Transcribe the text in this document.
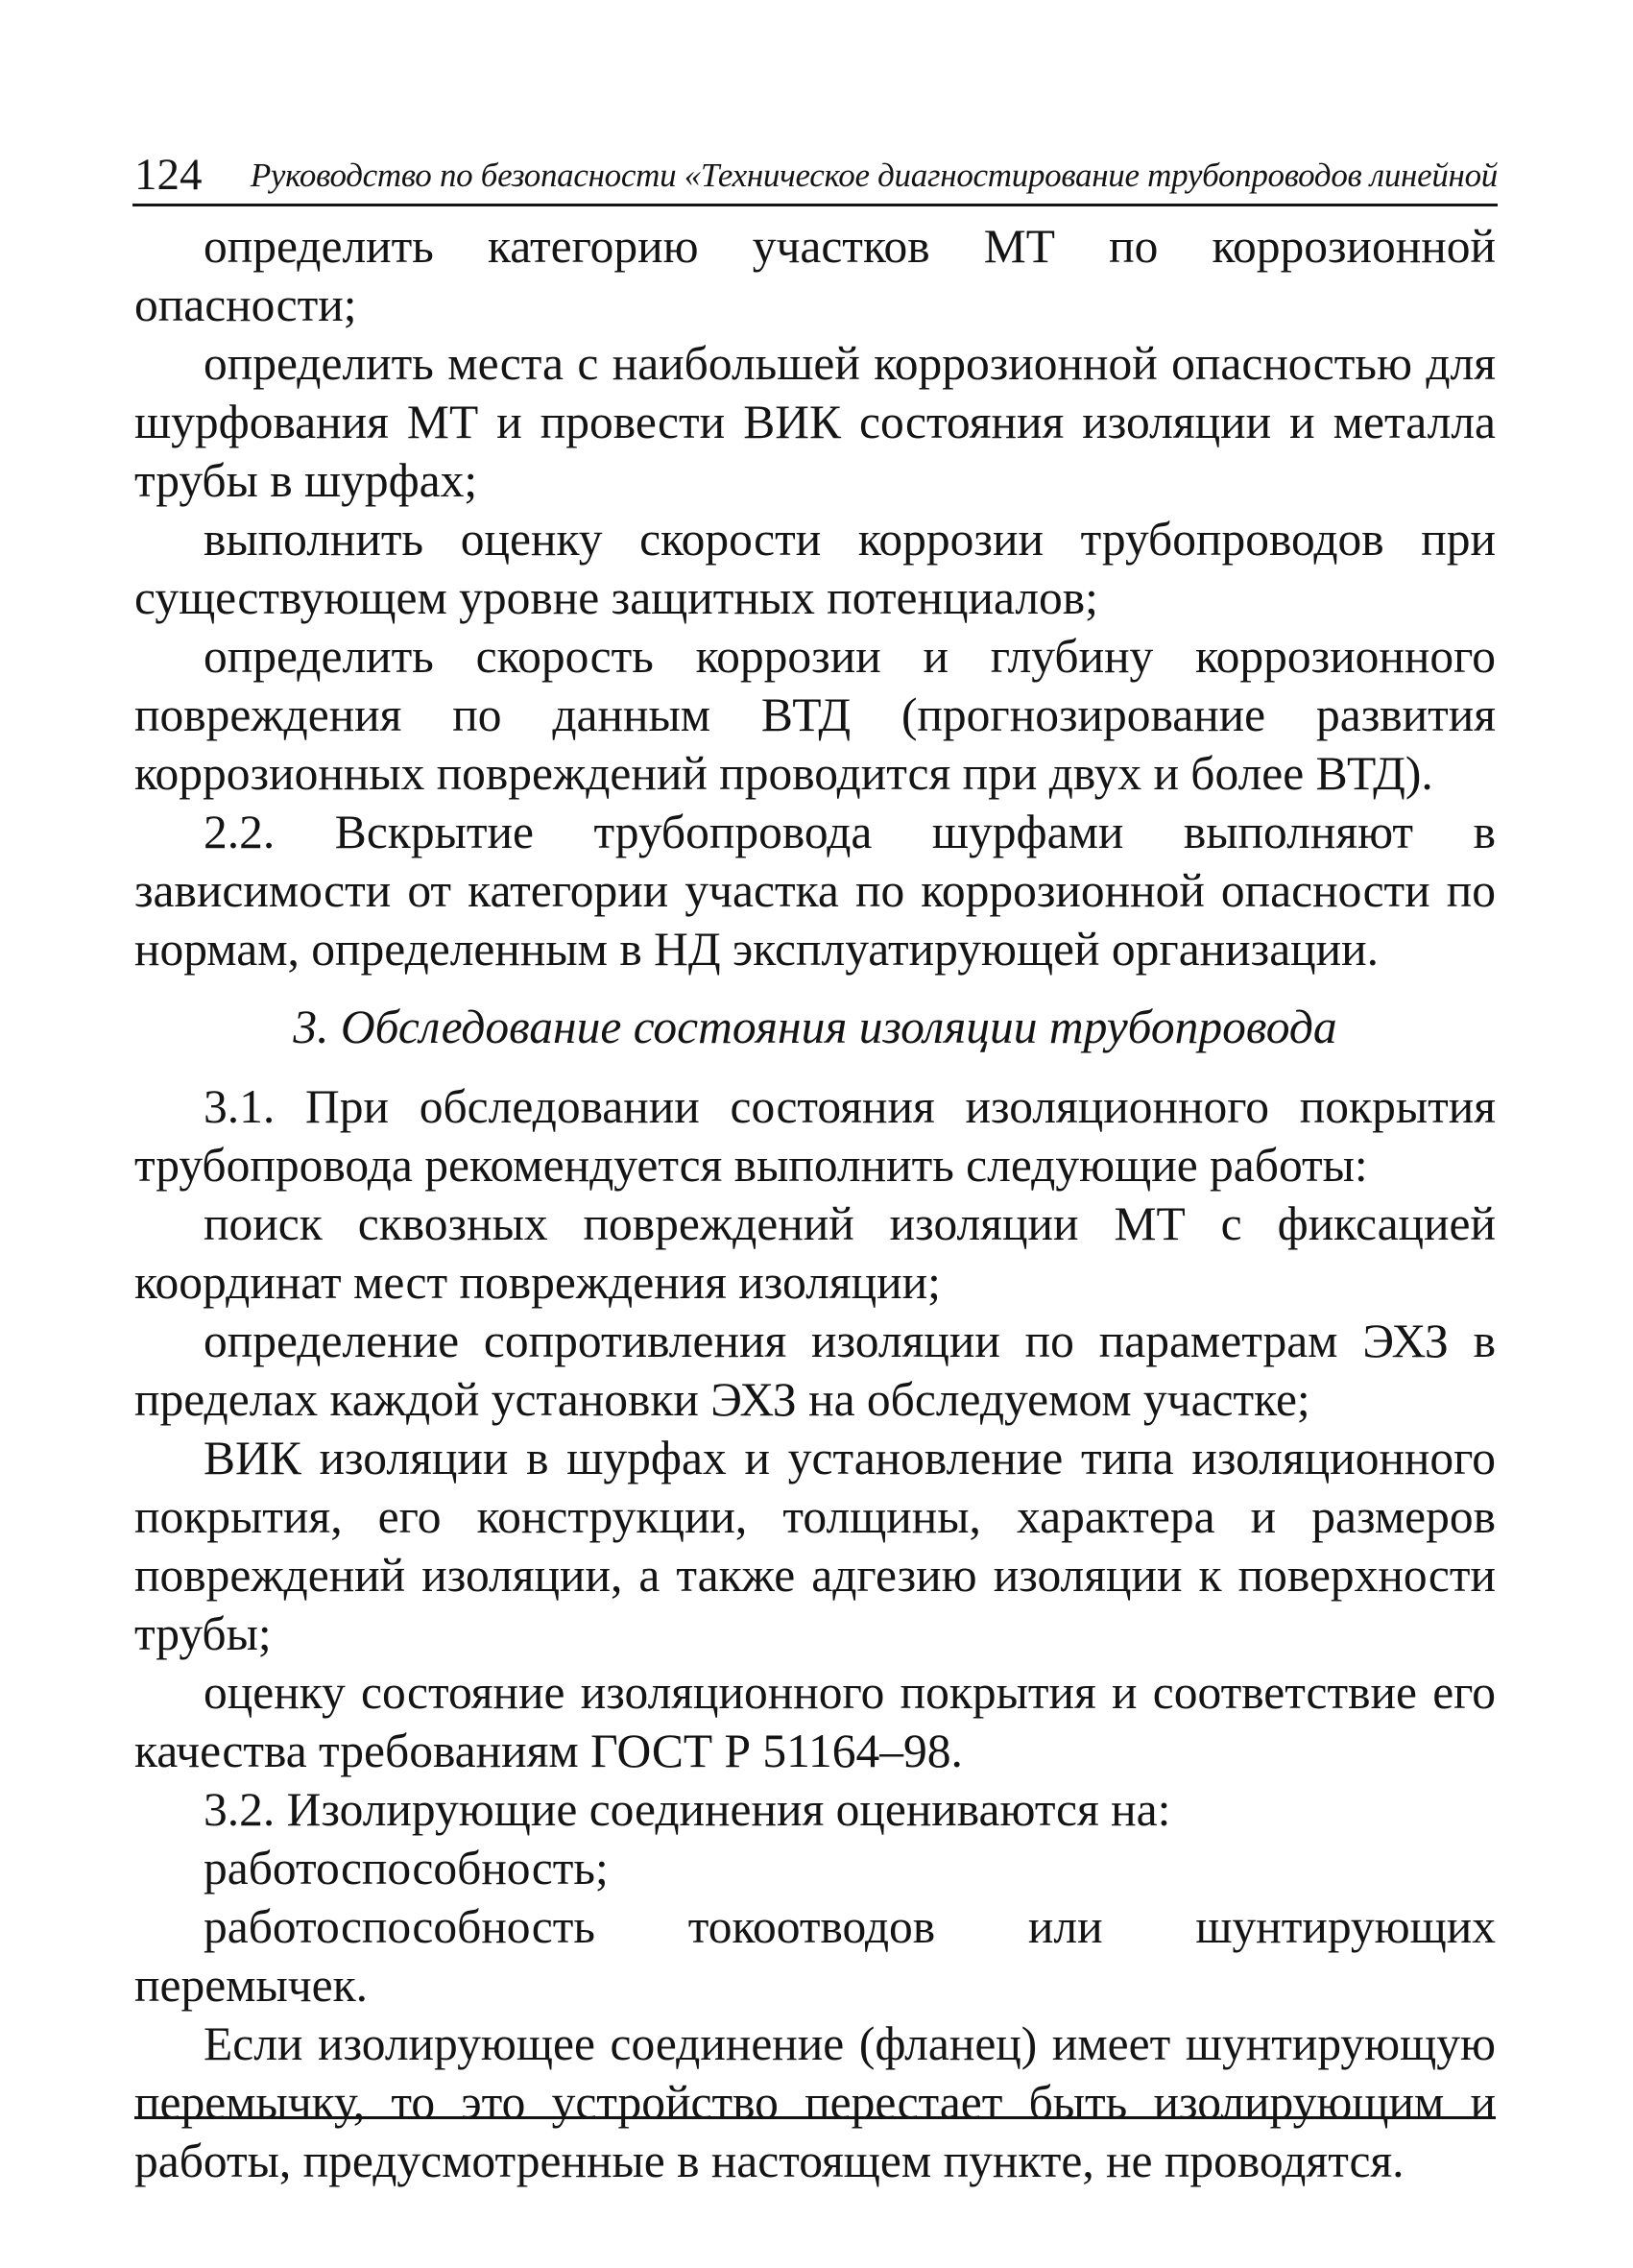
124 Руководство по безопасности «Техническое диагностирование трубопроводов линейной

определить категорию участков МТ по коррозионной опасности;

определить места с наибольшей коррозионной опасностью для шурфования МТ и провести ВИК состояния изоляции и металла трубы в шурфах;

выполнить оценку скорости коррозии трубопроводов при существующем уровне защитных потенциалов;

определить скорость коррозии и глубину коррозионного повреждения по данным ВТД (прогнозирование развития коррозионных повреждений проводится при двух и более ВТД).

2.2. Вскрытие трубопровода шурфами выполняют в зависимости от категории участка по коррозионной опасности по нормам, определенным в НД эксплуатирующей организации.

3. Обследование состояния изоляции трубопровода

3.1. При обследовании состояния изоляционного покрытия трубопровода рекомендуется выполнить следующие работы:

поиск сквозных повреждений изоляции МТ с фиксацией координат мест повреждения изоляции;

определение сопротивления изоляции по параметрам ЭХЗ в пределах каждой установки ЭХЗ на обследуемом участке;

ВИК изоляции в шурфах и установление типа изоляционного покрытия, его конструкции, толщины, характера и размеров повреждений изоляции, а также адгезию изоляции к поверхности трубы;

оценку состояние изоляционного покрытия и соответствие его качества требованиям ГОСТ Р 51164–98.

3.2. Изолирующие соединения оцениваются на:

работоспособность;

работоспособность токоотводов или шунтирующих перемычек.

Если изолирующее соединение (фланец) имеет шунтирующую перемычку, то это устройство перестает быть изолирующим и работы, предусмотренные в настоящем пункте, не проводятся.
